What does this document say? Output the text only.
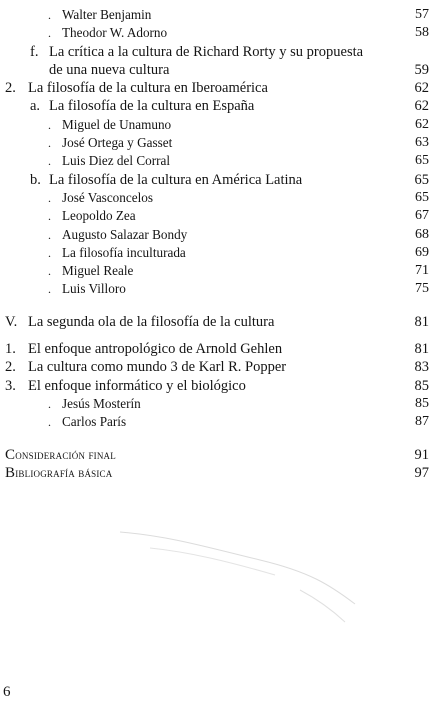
. Walter Benjamin	57
. Theodor W. Adorno	58
f. La crítica a la cultura de Richard Rorty y su propuesta
de una nueva cultura	59
2. La filosofía de la cultura en Iberoamérica	62
a. La filosofía de la cultura en España	62
. Miguel de Unamuno	62
. José Ortega y Gasset	63
. Luis Diez del Corral	65
b. La filosofía de la cultura en América Latina	65
. José Vasconcelos	65
. Leopoldo Zea	67
. Augusto Salazar Bondy	68
. La filosofía inculturada	69
. Miguel Reale	71
. Luis Villoro	75
V. La segunda ola de la filosofía de la cultura	81
1. El enfoque antropológico de Arnold Gehlen	81
2. La cultura como mundo 3 de Karl R. Popper	83
3. El enfoque informático y el biológico	85
. Jesús Mosterín	85
. Carlos París	87
Consideración final	91
Bibliografía básica	97
6
